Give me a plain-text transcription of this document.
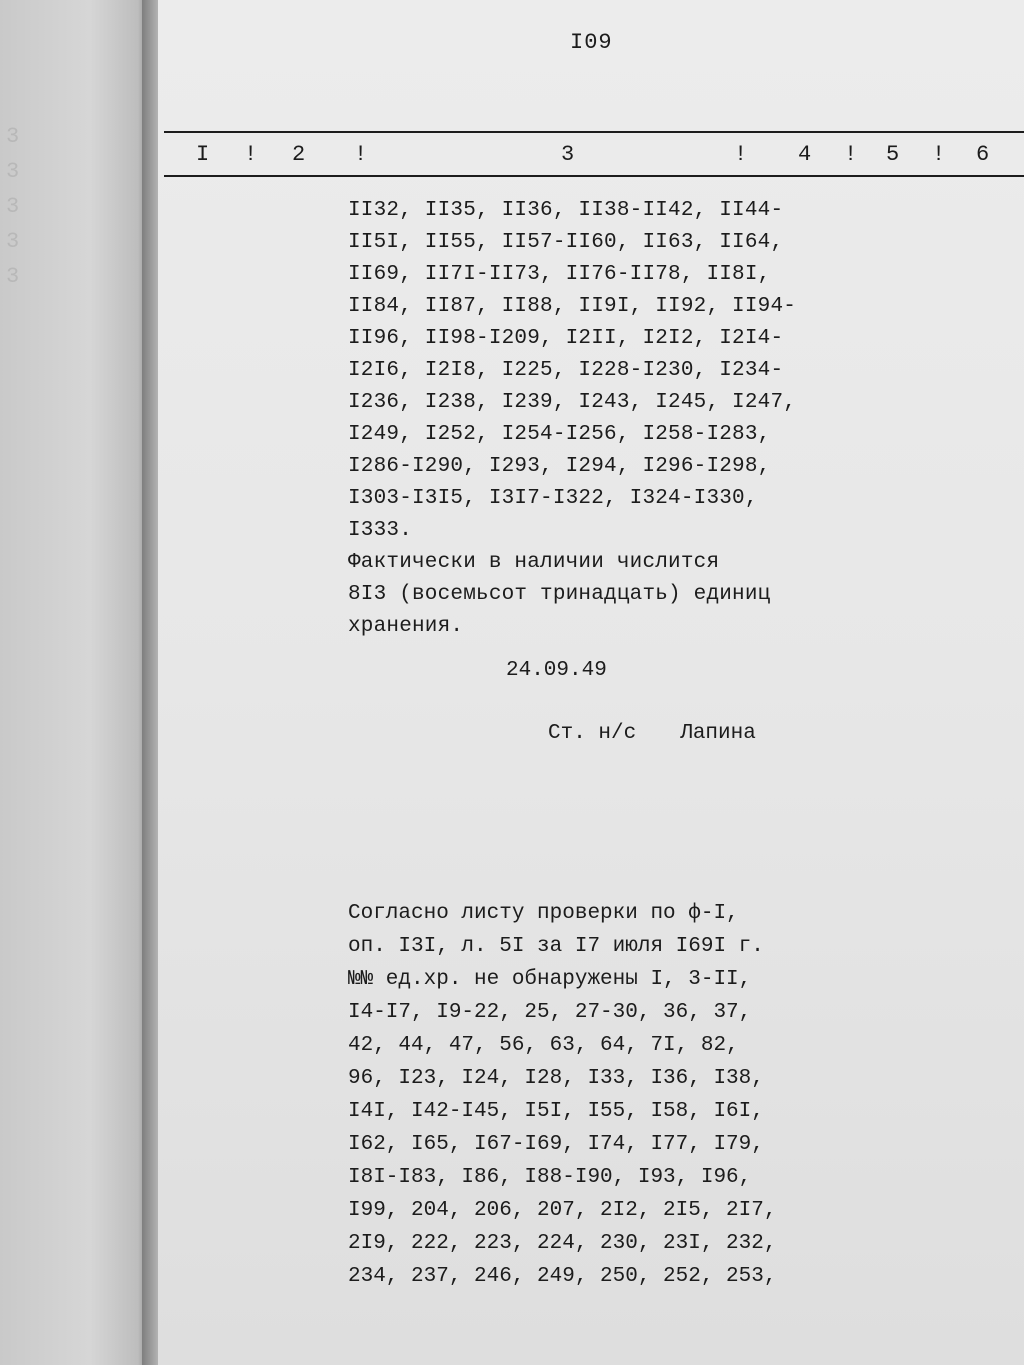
3
3
3
3
3
I09
I ! 2 !	3	! 4 ! 5 ! 6
II32, II35, II36, II38-II42, II44-
II5I, II55, II57-II60, II63, II64,
II69, II7I-II73, II76-II78, II8I,
II84, II87, II88, II9I, II92, II94-
II96, II98-I209, I2II, I2I2, I2I4-
I2I6, I2I8, I225, I228-I230, I234-
I236, I238, I239, I243, I245, I247,
I249, I252, I254-I256, I258-I283,
I286-I290, I293, I294, I296-I298,
I303-I3I5, I3I7-I322, I324-I330,
I333.
Фактически в наличии числится
8I3 (восемьсот тринадцать) единиц
хранения.
24.09.49
Ст. н/с Лапина
Согласно листу проверки по ф-I,
оп. I3I, л. 5I за I7 июля I69I г.
№№ ед.хр. не обнаружены I, 3-II,
I4-I7, I9-22, 25, 27-30, 36, 37,
42, 44, 47, 56, 63, 64, 7I, 82,
96, I23, I24, I28, I33, I36, I38,
I4I, I42-I45, I5I, I55, I58, I6I,
I62, I65, I67-I69, I74, I77, I79,
I8I-I83, I86, I88-I90, I93, I96,
I99, 204, 206, 207, 2I2, 2I5, 2I7,
2I9, 222, 223, 224, 230, 23I, 232,
234, 237, 246, 249, 250, 252, 253,
